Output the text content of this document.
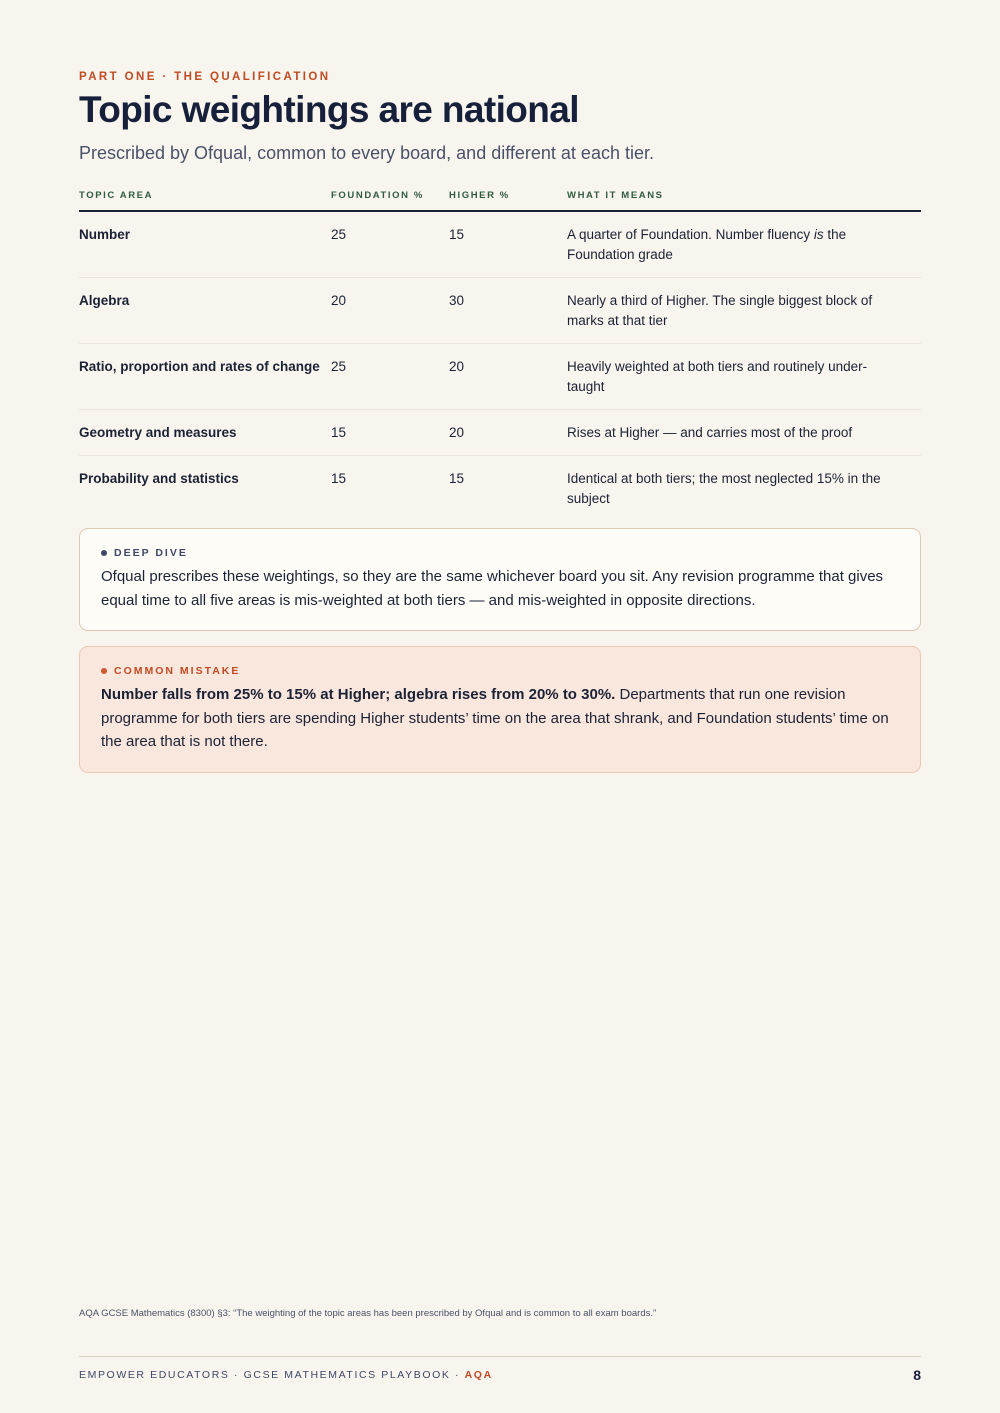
PART ONE · THE QUALIFICATION
Topic weightings are national

Prescribed by Ofqual, common to every board, and different at each tier.

TOPIC AREA	FOUNDATION %	HIGHER %	WHAT IT MEANS
Number	25	15	A quarter of Foundation. Number fluency is the Foundation grade
Algebra	20	30	Nearly a third of Higher. The single biggest block of marks at that tier
Ratio, proportion and rates of change	25	20	Heavily weighted at both tiers and routinely under-taught
Geometry and measures	15	20	Rises at Higher — and carries most of the proof
Probability and statistics	15	15	Identical at both tiers; the most neglected 15% in the subject
DEEP DIVE

Ofqual prescribes these weightings, so they are the same whichever board you sit. Any revision programme that gives equal time to all five areas is mis-weighted at both tiers — and mis-weighted in opposite directions.

COMMON MISTAKE

Number falls from 25% to 15% at Higher; algebra rises from 20% to 30%. Departments that run one revision programme for both tiers are spending Higher students’ time on the area that shrank, and Foundation students’ time on the area that is not there.

AQA GCSE Mathematics (8300) §3: “The weighting of the topic areas has been prescribed by Ofqual and is common to all exam boards.”
EMPOWER EDUCATORS · GCSE MATHEMATICS PLAYBOOK · AQA	8
